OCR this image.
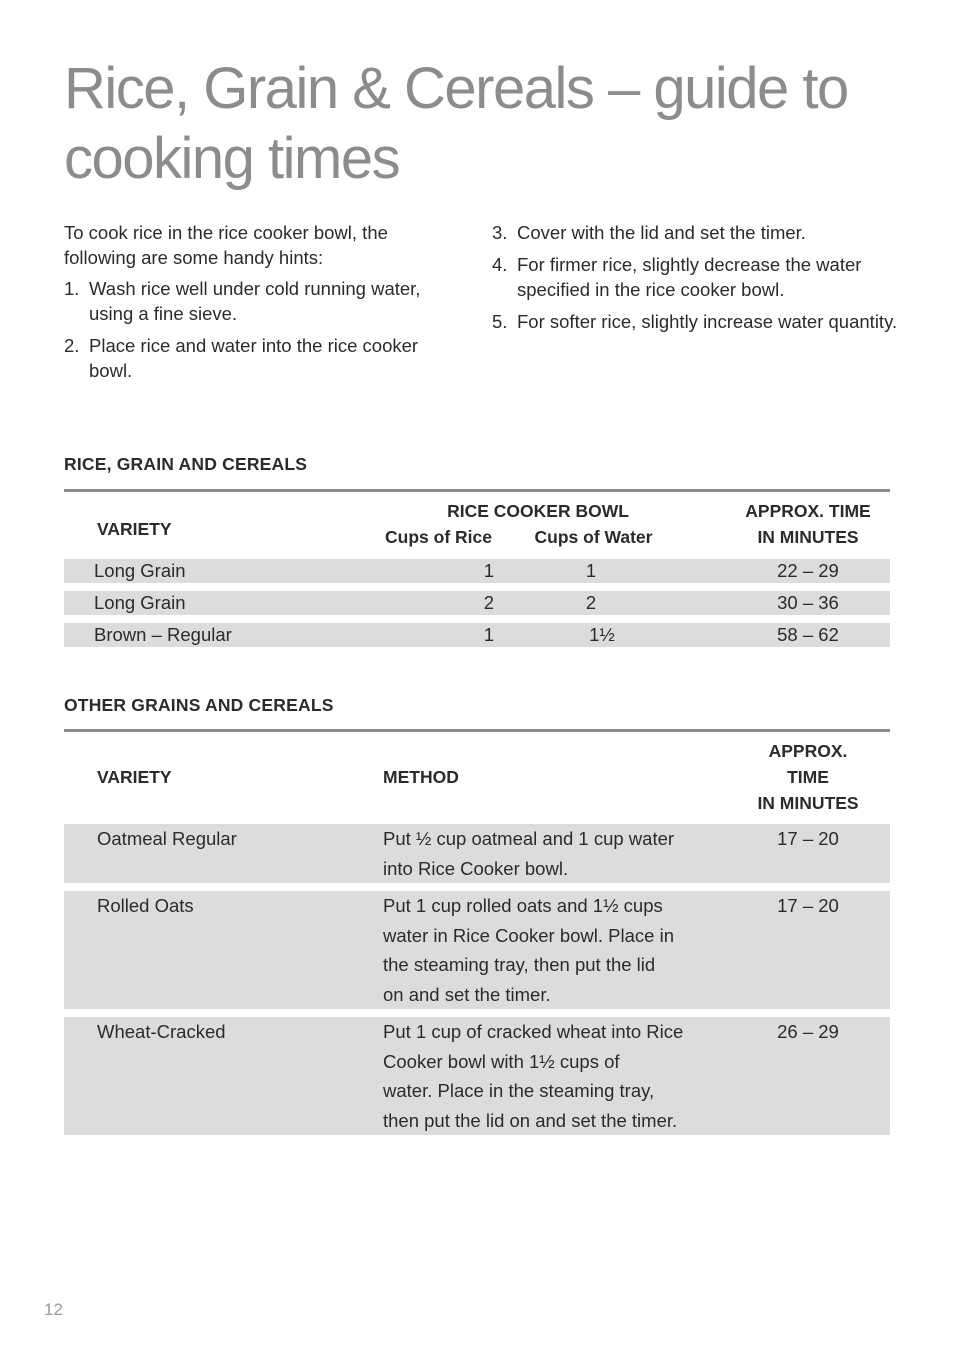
Rice, Grain & Cereals – guide to cooking times

To cook rice in the rice cooker bowl, the following are some handy hints:

1. Wash rice well under cold running water, using a fine sieve.
2. Place rice and water into the rice cooker bowl.
3. Cover with the lid and set the timer.
4. For firmer rice, slightly decrease the water specified in the rice cooker bowl.
5. For softer rice, slightly increase water quantity.
RICE, GRAIN AND CEREALS

VARIETY	RICE COOKER BOWL		APPROX. TIME
	Cups of Rice	Cups of Water	IN MINUTES
Long Grain	1	1	22 – 29

Long Grain	2	2	30 – 36

Brown – Regular	1	1½	58 – 62
OTHER GRAINS AND CEREALS

VARIETY	METHOD	APPROX. TIME
IN MINUTES

Oatmeal Regular	Put ½ cup oatmeal and 1 cup water
into Rice Cooker bowl.	17 – 20

Rolled Oats	Put 1 cup rolled oats and 1½ cups
water in Rice Cooker bowl. Place in
the steaming tray, then put the lid
on and set the timer.	17 – 20

Wheat-Cracked	Put 1 cup of cracked wheat into Rice
Cooker bowl with 1½ cups of
water. Place in the steaming tray,
then put the lid on and set the timer.	26 – 29
12
